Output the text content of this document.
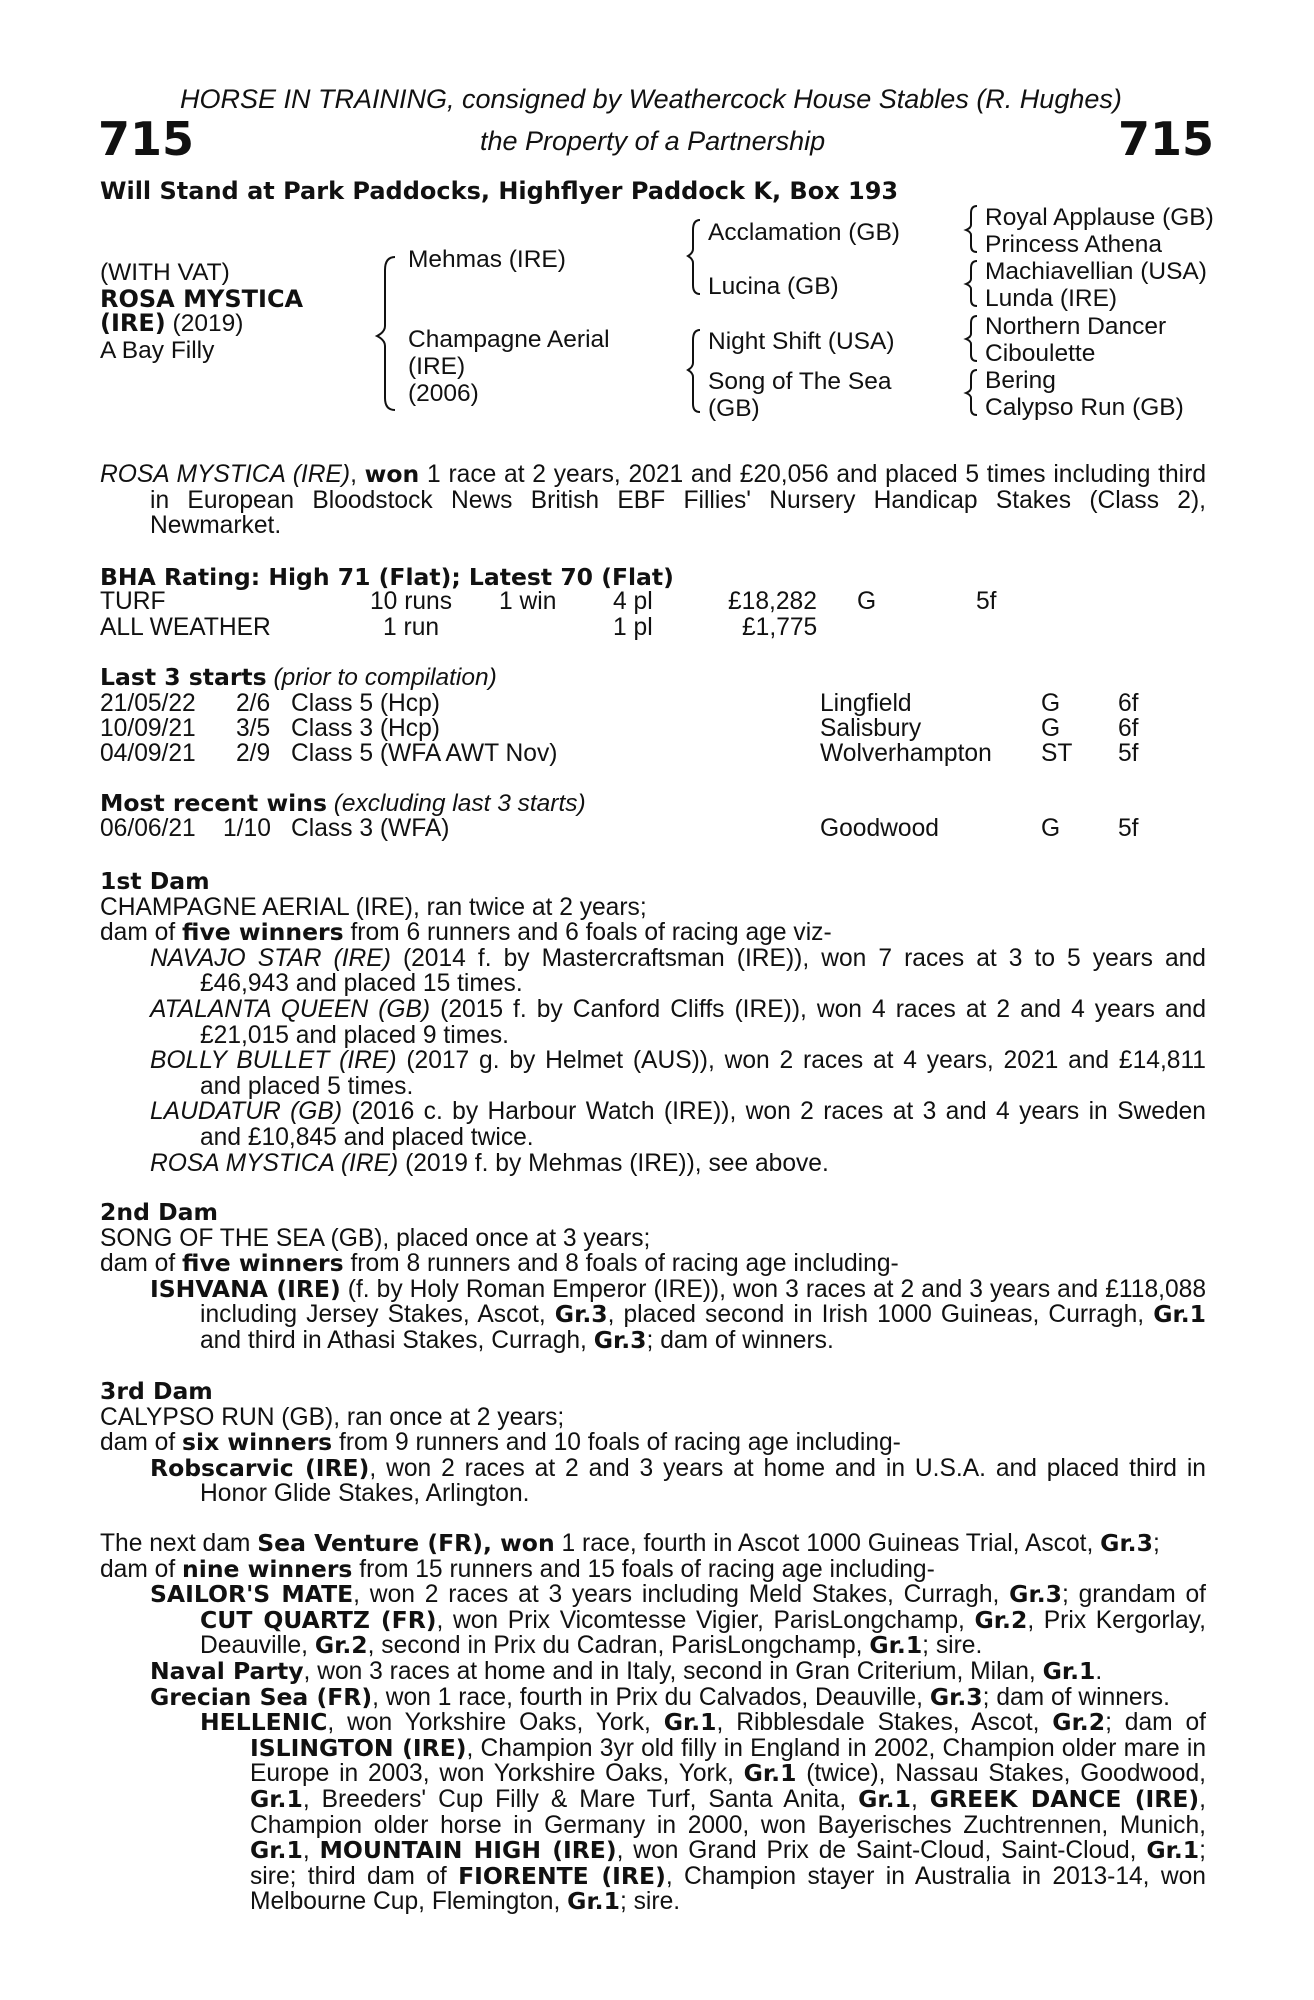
HORSE IN TRAINING, consigned by Weathercock House Stables (R. Hughes)
715	the Property of a Partnership	715
Will Stand at Park Paddocks, Highflyer Paddock K, Box 193
(WITH VAT)
ROSA MYSTICA
(IRE) (2019)
A Bay Filly
Mehmas (IRE)
Champagne Aerial
(IRE)
(2006)
Acclamation (GB)
Lucina (GB)
Night Shift (USA)
Song of The Sea
(GB)
Royal Applause (GB)
Princess Athena
Machiavellian (USA)
Lunda (IRE)
Northern Dancer
Ciboulette
Bering
Calypso Run (GB)

ROSA MYSTICA (IRE), won 1 race at 2 years, 2021 and £20,056 and placed 5 times including third in European Bloodstock News British EBF Fillies' Nursery Handicap Stakes (Class 2), Newmarket.

BHA Rating: High 71 (Flat); Latest 70 (Flat)
TURF	10 runs 1 win 4 pl	£18,282 G	5f
ALL WEATHER	1 run	1 pl	£1,775
Last 3 starts (prior to compilation)
21/05/22 2/6 Class 5 (Hcp)	Lingfield	G 6f
10/09/21 3/5 Class 3 (Hcp)	Salisbury	G 6f
04/09/21 2/9 Class 5 (WFA AWT Nov)	Wolverhampton ST 5f
Most recent wins (excluding last 3 starts)
06/06/21 1/10 Class 3 (WFA)	Goodwood	G 5f

1st Dam

CHAMPAGNE AERIAL (IRE), ran twice at 2 years;

dam of five winners from 6 runners and 6 foals of racing age viz-

NAVAJO STAR (IRE) (2014 f. by Mastercraftsman (IRE)), won 7 races at 3 to 5 years and £46,943 and placed 15 times.

ATALANTA QUEEN (GB) (2015 f. by Canford Cliffs (IRE)), won 4 races at 2 and 4 years and £21,015 and placed 9 times.

BOLLY BULLET (IRE) (2017 g. by Helmet (AUS)), won 2 races at 4 years, 2021 and £14,811 and placed 5 times.

LAUDATUR (GB) (2016 c. by Harbour Watch (IRE)), won 2 races at 3 and 4 years in Sweden and £10,845 and placed twice.

ROSA MYSTICA (IRE) (2019 f. by Mehmas (IRE)), see above.

2nd Dam

SONG OF THE SEA (GB), placed once at 3 years;

dam of five winners from 8 runners and 8 foals of racing age including-

ISHVANA (IRE) (f. by Holy Roman Emperor (IRE)), won 3 races at 2 and 3 years and £118,088 including Jersey Stakes, Ascot, Gr.3, placed second in Irish 1000 Guineas, Curragh, Gr.1 and third in Athasi Stakes, Curragh, Gr.3; dam of winners.

3rd Dam

CALYPSO RUN (GB), ran once at 2 years;

dam of six winners from 9 runners and 10 foals of racing age including-

Robscarvic (IRE), won 2 races at 2 and 3 years at home and in U.S.A. and placed third in Honor Glide Stakes, Arlington.

The next dam Sea Venture (FR), won 1 race, fourth in Ascot 1000 Guineas Trial, Ascot, Gr.3;

dam of nine winners from 15 runners and 15 foals of racing age including-

SAILOR'S MATE, won 2 races at 3 years including Meld Stakes, Curragh, Gr.3; grandam of CUT QUARTZ (FR), won Prix Vicomtesse Vigier, ParisLongchamp, Gr.2, Prix Kergorlay, Deauville, Gr.2, second in Prix du Cadran, ParisLongchamp, Gr.1; sire.

Naval Party, won 3 races at home and in Italy, second in Gran Criterium, Milan, Gr.1.

Grecian Sea (FR), won 1 race, fourth in Prix du Calvados, Deauville, Gr.3; dam of winners.

HELLENIC, won Yorkshire Oaks, York, Gr.1, Ribblesdale Stakes, Ascot, Gr.2; dam of ISLINGTON (IRE), Champion 3yr old filly in England in 2002, Champion older mare in Europe in 2003, won Yorkshire Oaks, York, Gr.1 (twice), Nassau Stakes, Goodwood, Gr.1, Breeders' Cup Filly & Mare Turf, Santa Anita, Gr.1, GREEK DANCE (IRE), Champion older horse in Germany in 2000, won Bayerisches Zuchtrennen, Munich, Gr.1, MOUNTAIN HIGH (IRE), won Grand Prix de Saint-Cloud, Saint-Cloud, Gr.1; sire; third dam of FIORENTE (IRE), Champion stayer in Australia in 2013-14, won Melbourne Cup, Flemington, Gr.1; sire.
